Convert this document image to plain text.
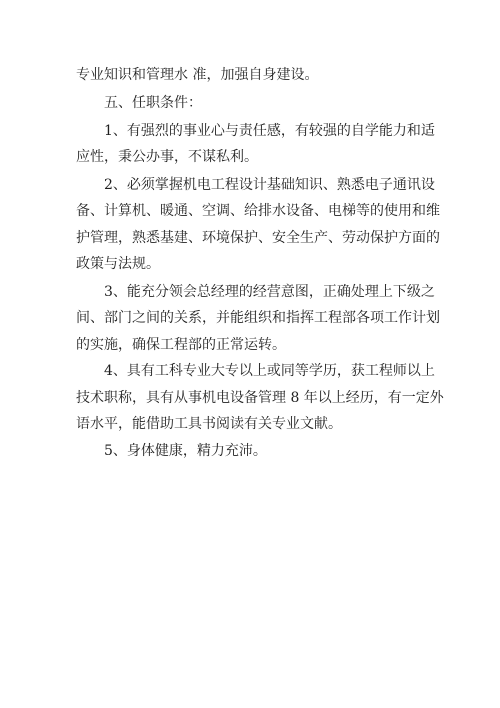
专业知识和管理水 准，加强自身建设。

五、任职条件：

1、有强烈的事业心与责任感，有较强的自学能力和适

应性，秉公办事，不谋私利。

2、必须掌握机电工程设计基础知识、熟悉电子通讯设

备、计算机、暖通、空调、给排水设备、电梯等的使用和维

护管理，熟悉基建、环境保护、安全生产、劳动保护方面的

政策与法规。

3、能充分领会总经理的经营意图，正确处理上下级之

间、部门之间的关系，并能组织和指挥工程部各项工作计划

的实施，确保工程部的正常运转。

4、具有工科专业大专以上或同等学历，获工程师以上

技术职称，具有从事机电设备管理 8 年以上经历，有一定外

语水平，能借助工具书阅读有关专业文献。

5、身体健康，精力充沛。
